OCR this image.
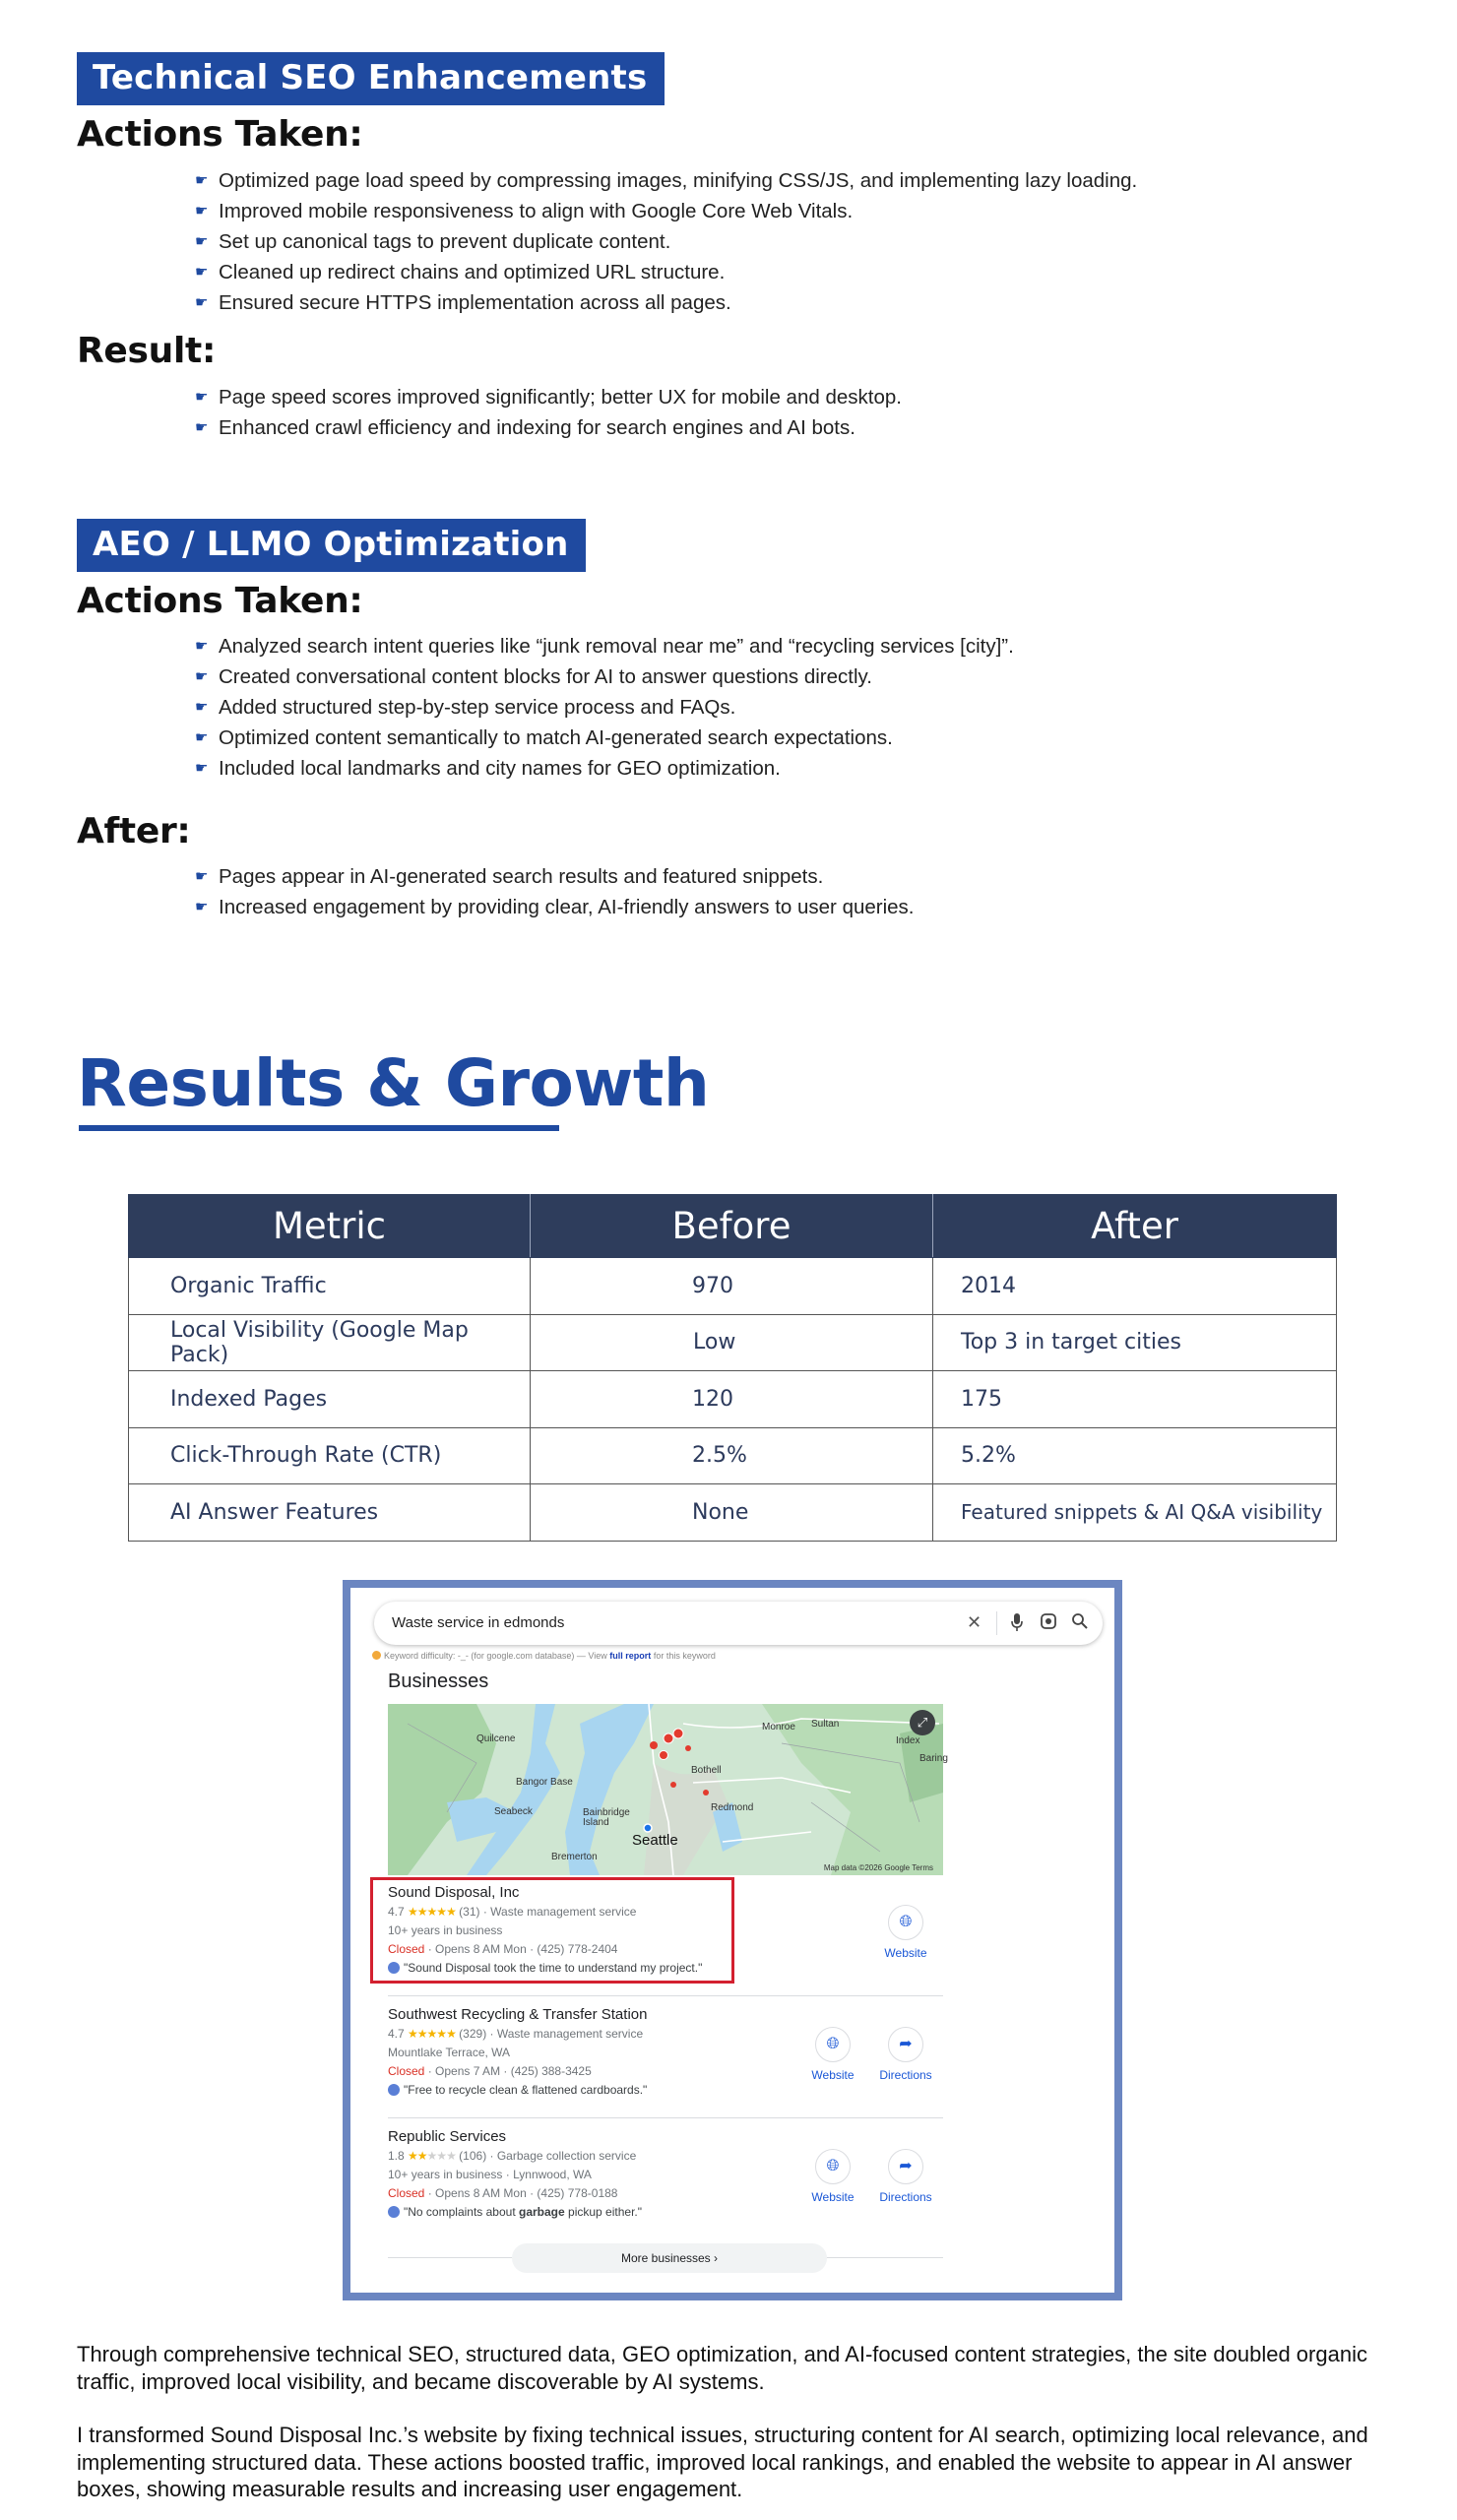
Technical SEO Enhancements
Actions Taken:
☛ Optimized page load speed by compressing images, minifying CSS/JS, and implementing lazy loading.
☛ Improved mobile responsiveness to align with Google Core Web Vitals.
☛ Set up canonical tags to prevent duplicate content.
☛ Cleaned up redirect chains and optimized URL structure.
☛ Ensured secure HTTPS implementation across all pages.
Result:
☛ Page speed scores improved significantly; better UX for mobile and desktop.
☛ Enhanced crawl efficiency and indexing for search engines and AI bots.
AEO / LLMO Optimization
Actions Taken:
☛ Analyzed search intent queries like “junk removal near me” and “recycling services [city]”.
☛ Created conversational content blocks for AI to answer questions directly.
☛ Added structured step-by-step service process and FAQs.
☛ Optimized content semantically to match AI-generated search expectations.
☛ Included local landmarks and city names for GEO optimization.
After:
☛ Pages appear in AI-generated search results and featured snippets.
☛ Increased engagement by providing clear, AI-friendly answers to user queries.
Results & Growth
Metric	Before	After
Organic Traffic	970	2014
Local Visibility (Google Map Pack)	Low	Top 3 in target cities
Indexed Pages	120	175
Click-Through Rate (CTR)	2.5%	5.2%
AI Answer Features	None	Featured snippets & AI Q&A visibility
Waste service in edmonds	✕
Keyword difficulty: -_- (for google.com database) — View full report for this keyword
Businesses
Quilcene
Bangor Base
Seabeck	Bainbridge Island
Bremerton
Monroe Sultan
Index
Baring
Bothell
Redmond
Seattle
⤢
Map data ©2026 Google Terms
Sound Disposal, Inc
4.7 ★★★★★ (31) · Waste management service
10+ years in business
Closed · Opens 8 AM Mon · (425) 778-2404
"Sound Disposal took the time to understand my project."
🌐︎
Website
Southwest Recycling & Transfer Station
4.7 ★★★★★ (329) · Waste management service
Mountlake Terrace, WA
Closed · Opens 7 AM · (425) 388-3425
"Free to recycle clean & flattened cardboards."
🌐︎
Website
➦
Directions
Republic Services
1.8 ★★★★★ (106) · Garbage collection service
10+ years in business · Lynnwood, WA
Closed · Opens 8 AM Mon · (425) 778-0188
"No complaints about garbage pickup either."
🌐︎
Website
➦
Directions
More businesses ›

Through comprehensive technical SEO, structured data, GEO optimization, and AI-focused content strategies, the site doubled organic traffic, improved local visibility, and became discoverable by AI systems.

I transformed Sound Disposal Inc.’s website by fixing technical issues, structuring content for AI search, optimizing local relevance, and implementing structured data. These actions boosted traffic, improved local rankings, and enabled the website to appear in AI answer boxes, showing measurable results and increasing user engagement.
